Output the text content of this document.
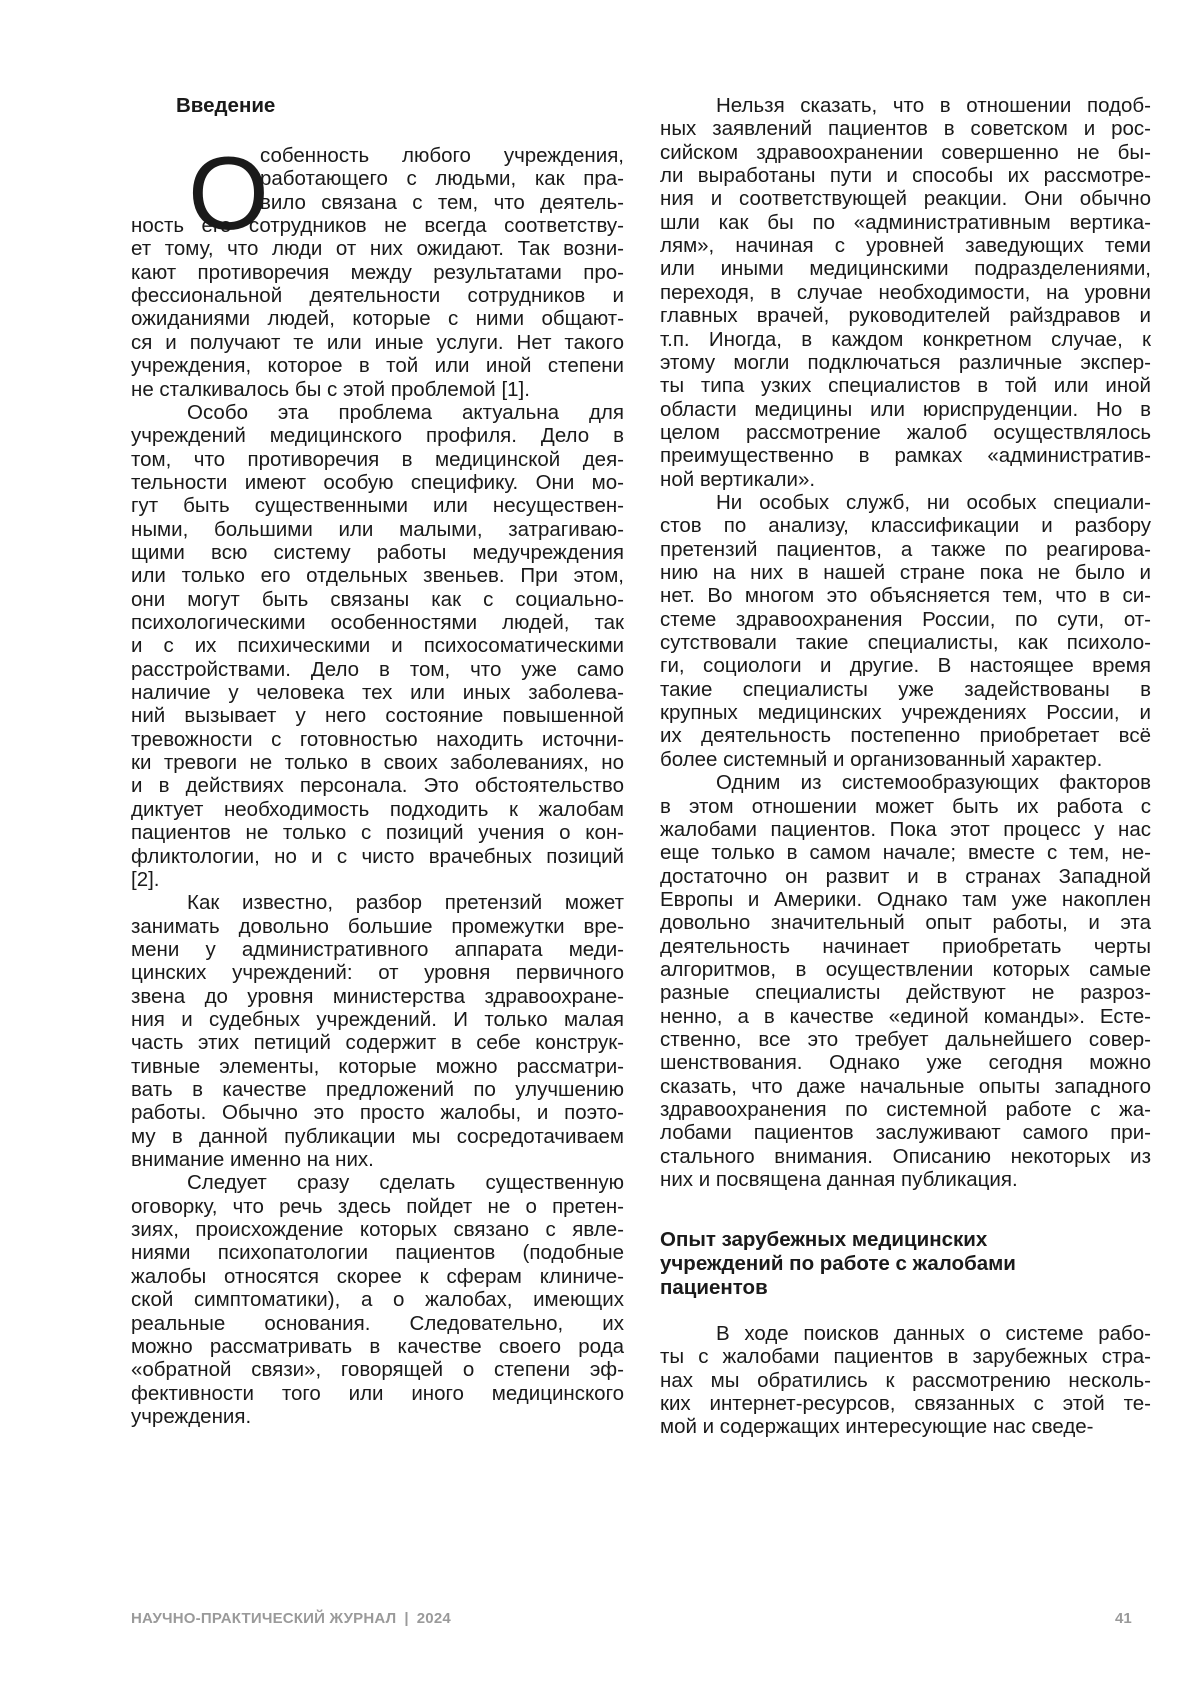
Введение
О
собенность любого учреждения,
работающего с людьми, как пра-
вило связана с тем, что деятель-
ность его сотрудников не всегда соответству-
ет тому, что люди от них ожидают. Так возни-
кают противоречия между результатами про-
фессиональной деятельности сотрудников и
ожиданиями людей, которые с ними общают-
ся и получают те или иные услуги. Нет такого
учреждения, которое в той или иной степени
не сталкивалось бы с этой проблемой [1].
Особо эта проблема актуальна для
учреждений медицинского профиля. Дело в
том, что противоречия в медицинской дея-
тельности имеют особую специфику. Они мо-
гут быть существенными или несуществен-
ными, большими или малыми, затрагиваю-
щими всю систему работы медучреждения
или только его отдельных звеньев. При этом,
они могут быть связаны как с социально-
психологическими особенностями людей, так
и с их психическими и психосоматическими
расстройствами. Дело в том, что уже само
наличие у человека тех или иных заболева-
ний вызывает у него состояние повышенной
тревожности с готовностью находить источни-
ки тревоги не только в своих заболеваниях, но
и в действиях персонала. Это обстоятельство
диктует необходимость подходить к жалобам
пациентов не только с позиций учения о кон-
фликтологии, но и с чисто врачебных позиций
[2].
Как известно, разбор претензий может
занимать довольно большие промежутки вре-
мени у административного аппарата меди-
цинских учреждений: от уровня первичного
звена до уровня министерства здравоохране-
ния и судебных учреждений. И только малая
часть этих петиций содержит в себе конструк-
тивные элементы, которые можно рассматри-
вать в качестве предложений по улучшению
работы. Обычно это просто жалобы, и поэто-
му в данной публикации мы сосредотачиваем
внимание именно на них.
Следует сразу сделать существенную
оговорку, что речь здесь пойдет не о претен-
зиях, происхождение которых связано с явле-
ниями психопатологии пациентов (подобные
жалобы относятся скорее к сферам клиниче-
ской симптоматики), а о жалобах, имеющих
реальные основания. Следовательно, их
можно рассматривать в качестве своего рода
«обратной связи», говорящей о степени эф-
фективности того или иного медицинского
учреждения.
Нельзя сказать, что в отношении подоб-
ных заявлений пациентов в советском и рос-
сийском здравоохранении совершенно не бы-
ли выработаны пути и способы их рассмотре-
ния и соответствующей реакции. Они обычно
шли как бы по «административным вертика-
лям», начиная с уровней заведующих теми
или иными медицинскими подразделениями,
переходя, в случае необходимости, на уровни
главных врачей, руководителей райздравов и
т.п. Иногда, в каждом конкретном случае, к
этому могли подключаться различные экспер-
ты типа узких специалистов в той или иной
области медицины или юриспруденции. Но в
целом рассмотрение жалоб осуществлялось
преимущественно в рамках «административ-
ной вертикали».
Ни особых служб, ни особых специали-
стов по анализу, классификации и разбору
претензий пациентов, а также по реагирова-
нию на них в нашей стране пока не было и
нет. Во многом это объясняется тем, что в си-
стеме здравоохранения России, по сути, от-
сутствовали такие специалисты, как психоло-
ги, социологи и другие. В настоящее время
такие специалисты уже задействованы в
крупных медицинских учреждениях России, и
их деятельность постепенно приобретает всё
более системный и организованный характер.
Одним из системообразующих факторов
в этом отношении может быть их работа с
жалобами пациентов. Пока этот процесс у нас
еще только в самом начале; вместе с тем, не-
достаточно он развит и в странах Западной
Европы и Америки. Однако там уже накоплен
довольно значительный опыт работы, и эта
деятельность начинает приобретать черты
алгоритмов, в осуществлении которых самые
разные специалисты действуют не разроз-
ненно, а в качестве «единой команды». Есте-
ственно, все это требует дальнейшего совер-
шенствования. Однако уже сегодня можно
сказать, что даже начальные опыты западного
здравоохранения по системной работе с жа-
лобами пациентов заслуживают самого при-
стального внимания. Описанию некоторых из
них и посвящена данная публикация.
Опыт зарубежных медицинских
учреждений по работе с жалобами
пациентов
В ходе поисков данных о системе рабо-
ты с жалобами пациентов в зарубежных стра-
нах мы обратились к рассмотрению несколь-
ких интернет-ресурсов, связанных с этой те-
мой и содержащих интересующие нас сведе-
НАУЧНО-ПРАКТИЧЕСКИЙ ЖУРНАЛ | 2024	41
